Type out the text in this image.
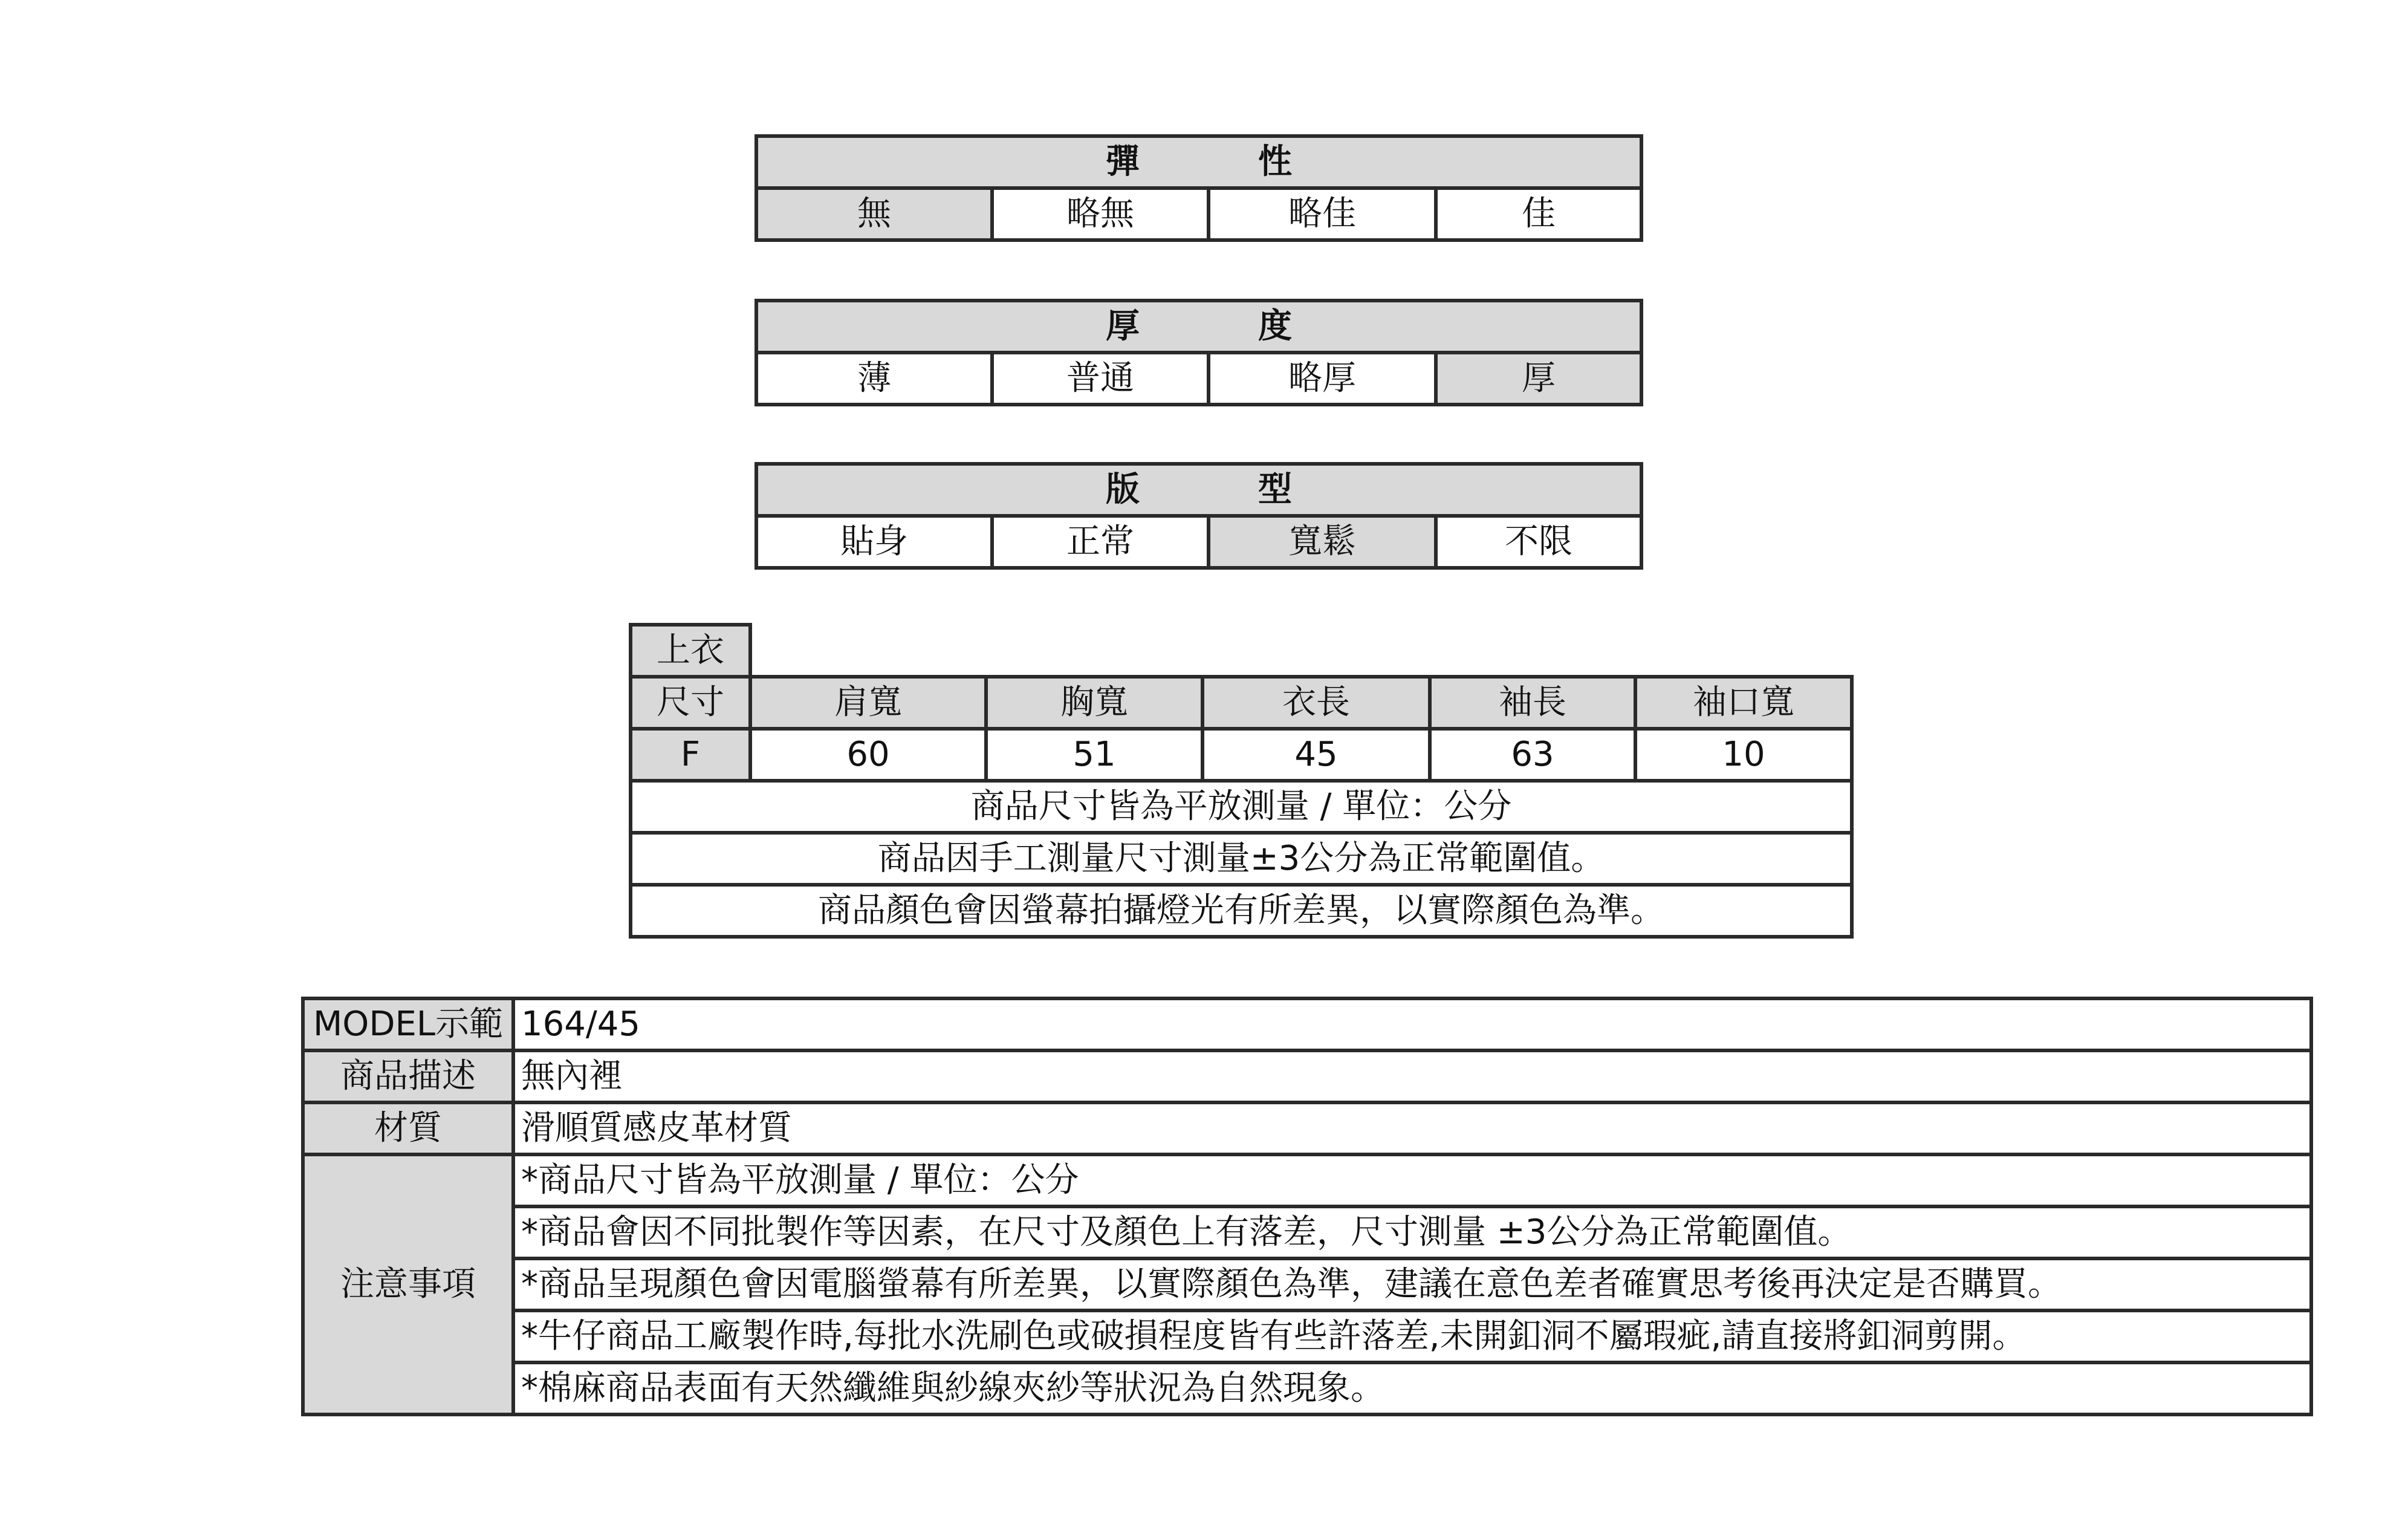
彈　性
無	略無	略佳	佳
厚　度
薄	普通	略厚	厚
版　型
貼身	正常	寬鬆	不限
上衣					
尺寸	肩寬	胸寬	衣長	袖長	袖口寬
F	60	51	45	63	10
商品尺寸皆為平放測量 / 單位：公分					
商品因手工測量尺寸測量±3公分為正常範圍值。					
商品顏色會因螢幕拍攝燈光有所差異，以實際顏色為準。					
MODEL示範	164/45
商品描述	無內裡
材質	滑順質感皮革材質
注意事項	*商品尺寸皆為平放測量 / 單位：公分
	*商品會因不同批製作等因素，在尺寸及顏色上有落差，尺寸測量 ±3公分為正常範圍值。
	*商品呈現顏色會因電腦螢幕有所差異，以實際顏色為準，建議在意色差者確實思考後再決定是否購買。
	*牛仔商品工廠製作時,每批水洗刷色或破損程度皆有些許落差,未開釦洞不屬瑕疵,請直接將釦洞剪開。
	*棉麻商品表面有天然纖維與紗線夾紗等狀況為自然現象。
